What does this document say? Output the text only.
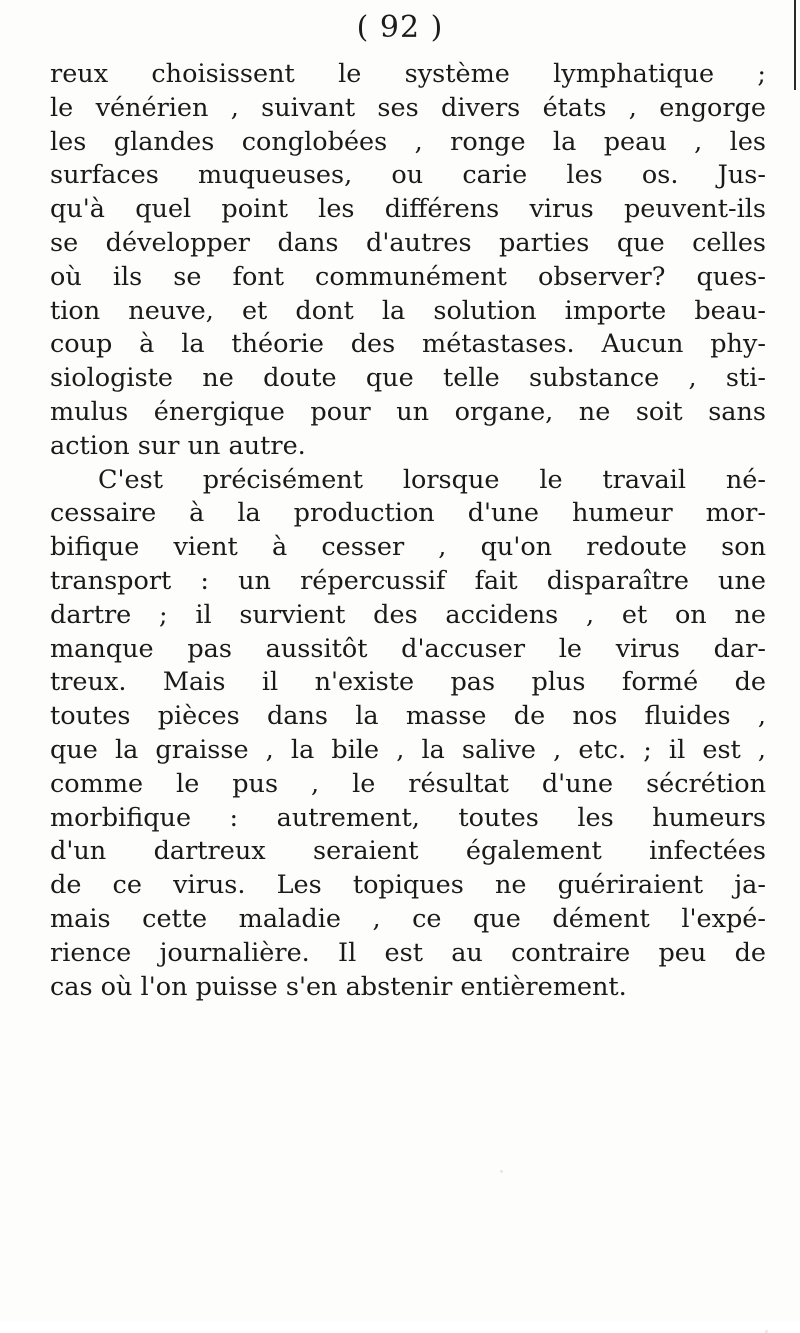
( 92 )
reux choisissent le système lymphatique ;
le vénérien , suivant ses divers états , engorge
les glandes conglobées , ronge la peau , les
surfaces muqueuses, ou carie les os. Jus-
qu'à quel point les différens virus peuvent-ils
se développer dans d'autres parties que celles
où ils se font communément observer? ques-
tion neuve, et dont la solution importe beau-
coup à la théorie des métastases. Aucun phy-
siologiste ne doute que telle substance , sti-
mulus énergique pour un organe, ne soit sans
action sur un autre.
C'est précisément lorsque le travail né-
cessaire à la production d'une humeur mor-
bifique vient à cesser , qu'on redoute son
transport : un répercussif fait disparaître une
dartre ; il survient des accidens , et on ne
manque pas aussitôt d'accuser le virus dar-
treux. Mais il n'existe pas plus formé de
toutes pièces dans la masse de nos fluides ,
que la graisse , la bile , la salive , etc. ; il est ,
comme le pus , le résultat d'une sécrétion
morbifique : autrement, toutes les humeurs
d'un dartreux seraient également infectées
de ce virus. Les topiques ne guériraient ja-
mais cette maladie , ce que dément l'expé-
rience journalière. Il est au contraire peu de
cas où l'on puisse s'en abstenir entièrement.
